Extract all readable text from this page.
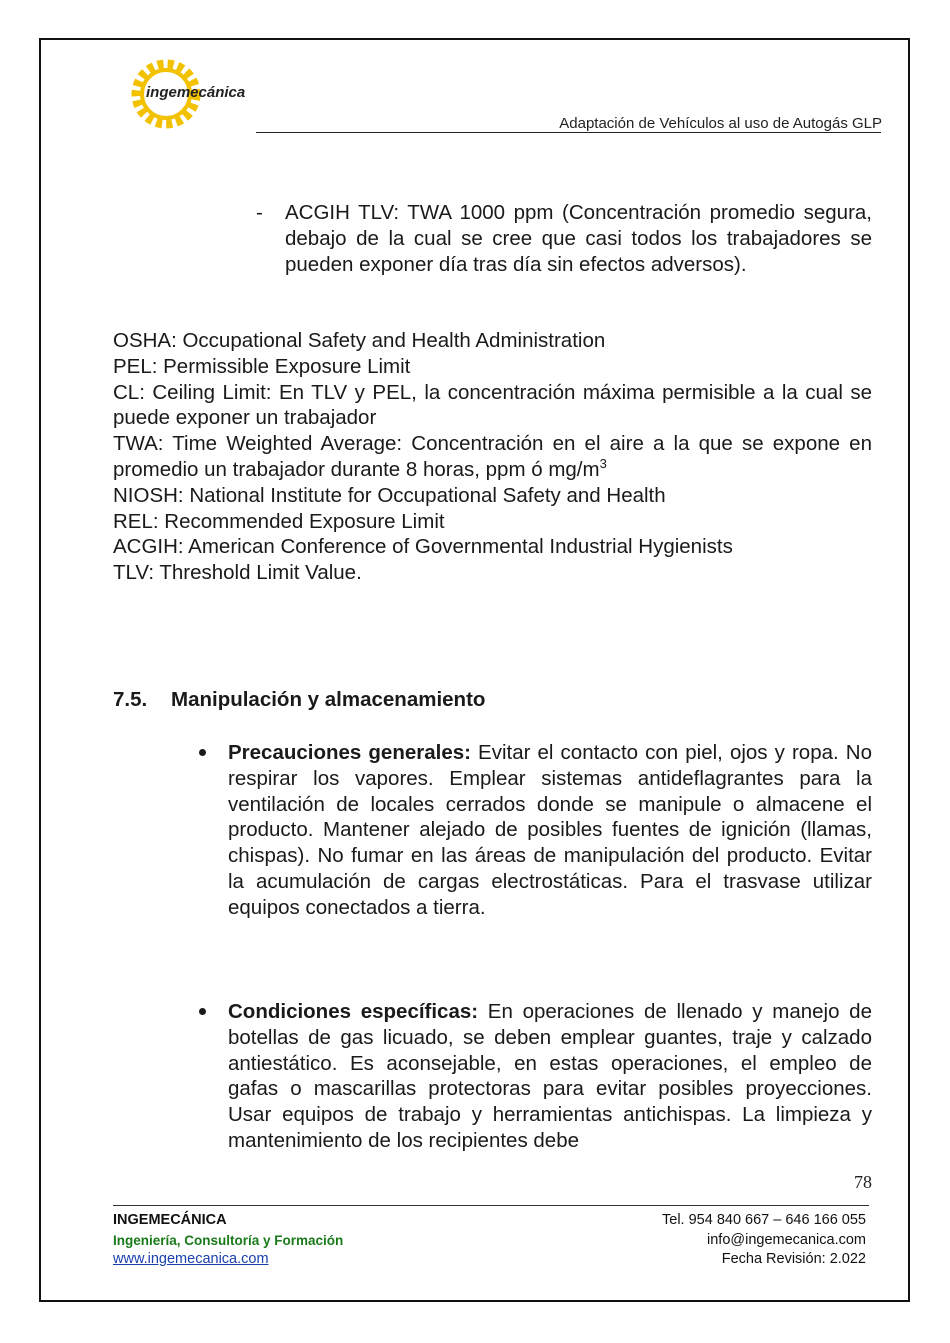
ingemecánica
Adaptación de Vehículos al uso de Autogás GLP
- ACGIH TLV: TWA 1000 ppm (Concentración promedio segura, debajo de la cual se cree que casi todos los trabajadores se pueden exponer día tras día sin efectos adversos).

OSHA: Occupational Safety and Health Administration

PEL: Permissible Exposure Limit

CL: Ceiling Limit: En TLV y PEL, la concentración máxima permisible a la cual se puede exponer un trabajador

TWA: Time Weighted Average: Concentración en el aire a la que se expone en promedio un trabajador durante 8 horas, ppm ó $mg/m^3$

NIOSH: National Institute for Occupational Safety and Health

REL: Recommended Exposure Limit

ACGIH: American Conference of Governmental Industrial Hygienists

TLV: Threshold Limit Value.

7.5. Manipulación y almacenamiento
Precauciones generales: Evitar el contacto con piel, ojos y ropa. No respirar los vapores. Emplear sistemas antideflagrantes para la ventilación de locales cerrados donde se manipule o almacene el producto. Mantener alejado de posibles fuentes de ignición (llamas, chispas). No fumar en las áreas de manipulación del producto. Evitar la acumulación de cargas electrostáticas. Para el trasvase utilizar equipos conectados a tierra.
Condiciones específicas: En operaciones de llenado y manejo de botellas de gas licuado, se deben emplear guantes, traje y calzado antiestático. Es aconsejable, en estas operaciones, el empleo de gafas o mascarillas protectoras para evitar posibles proyecciones. Usar equipos de trabajo y herramientas antichispas. La limpieza y mantenimiento de los recipientes debe
78
INGEMECÁNICA
Ingeniería, Consultoría y Formación
www.ingemecanica.com
Tel. 954 840 667 – 646 166 055
info@ingemecanica.com
Fecha Revisión: 2.022
